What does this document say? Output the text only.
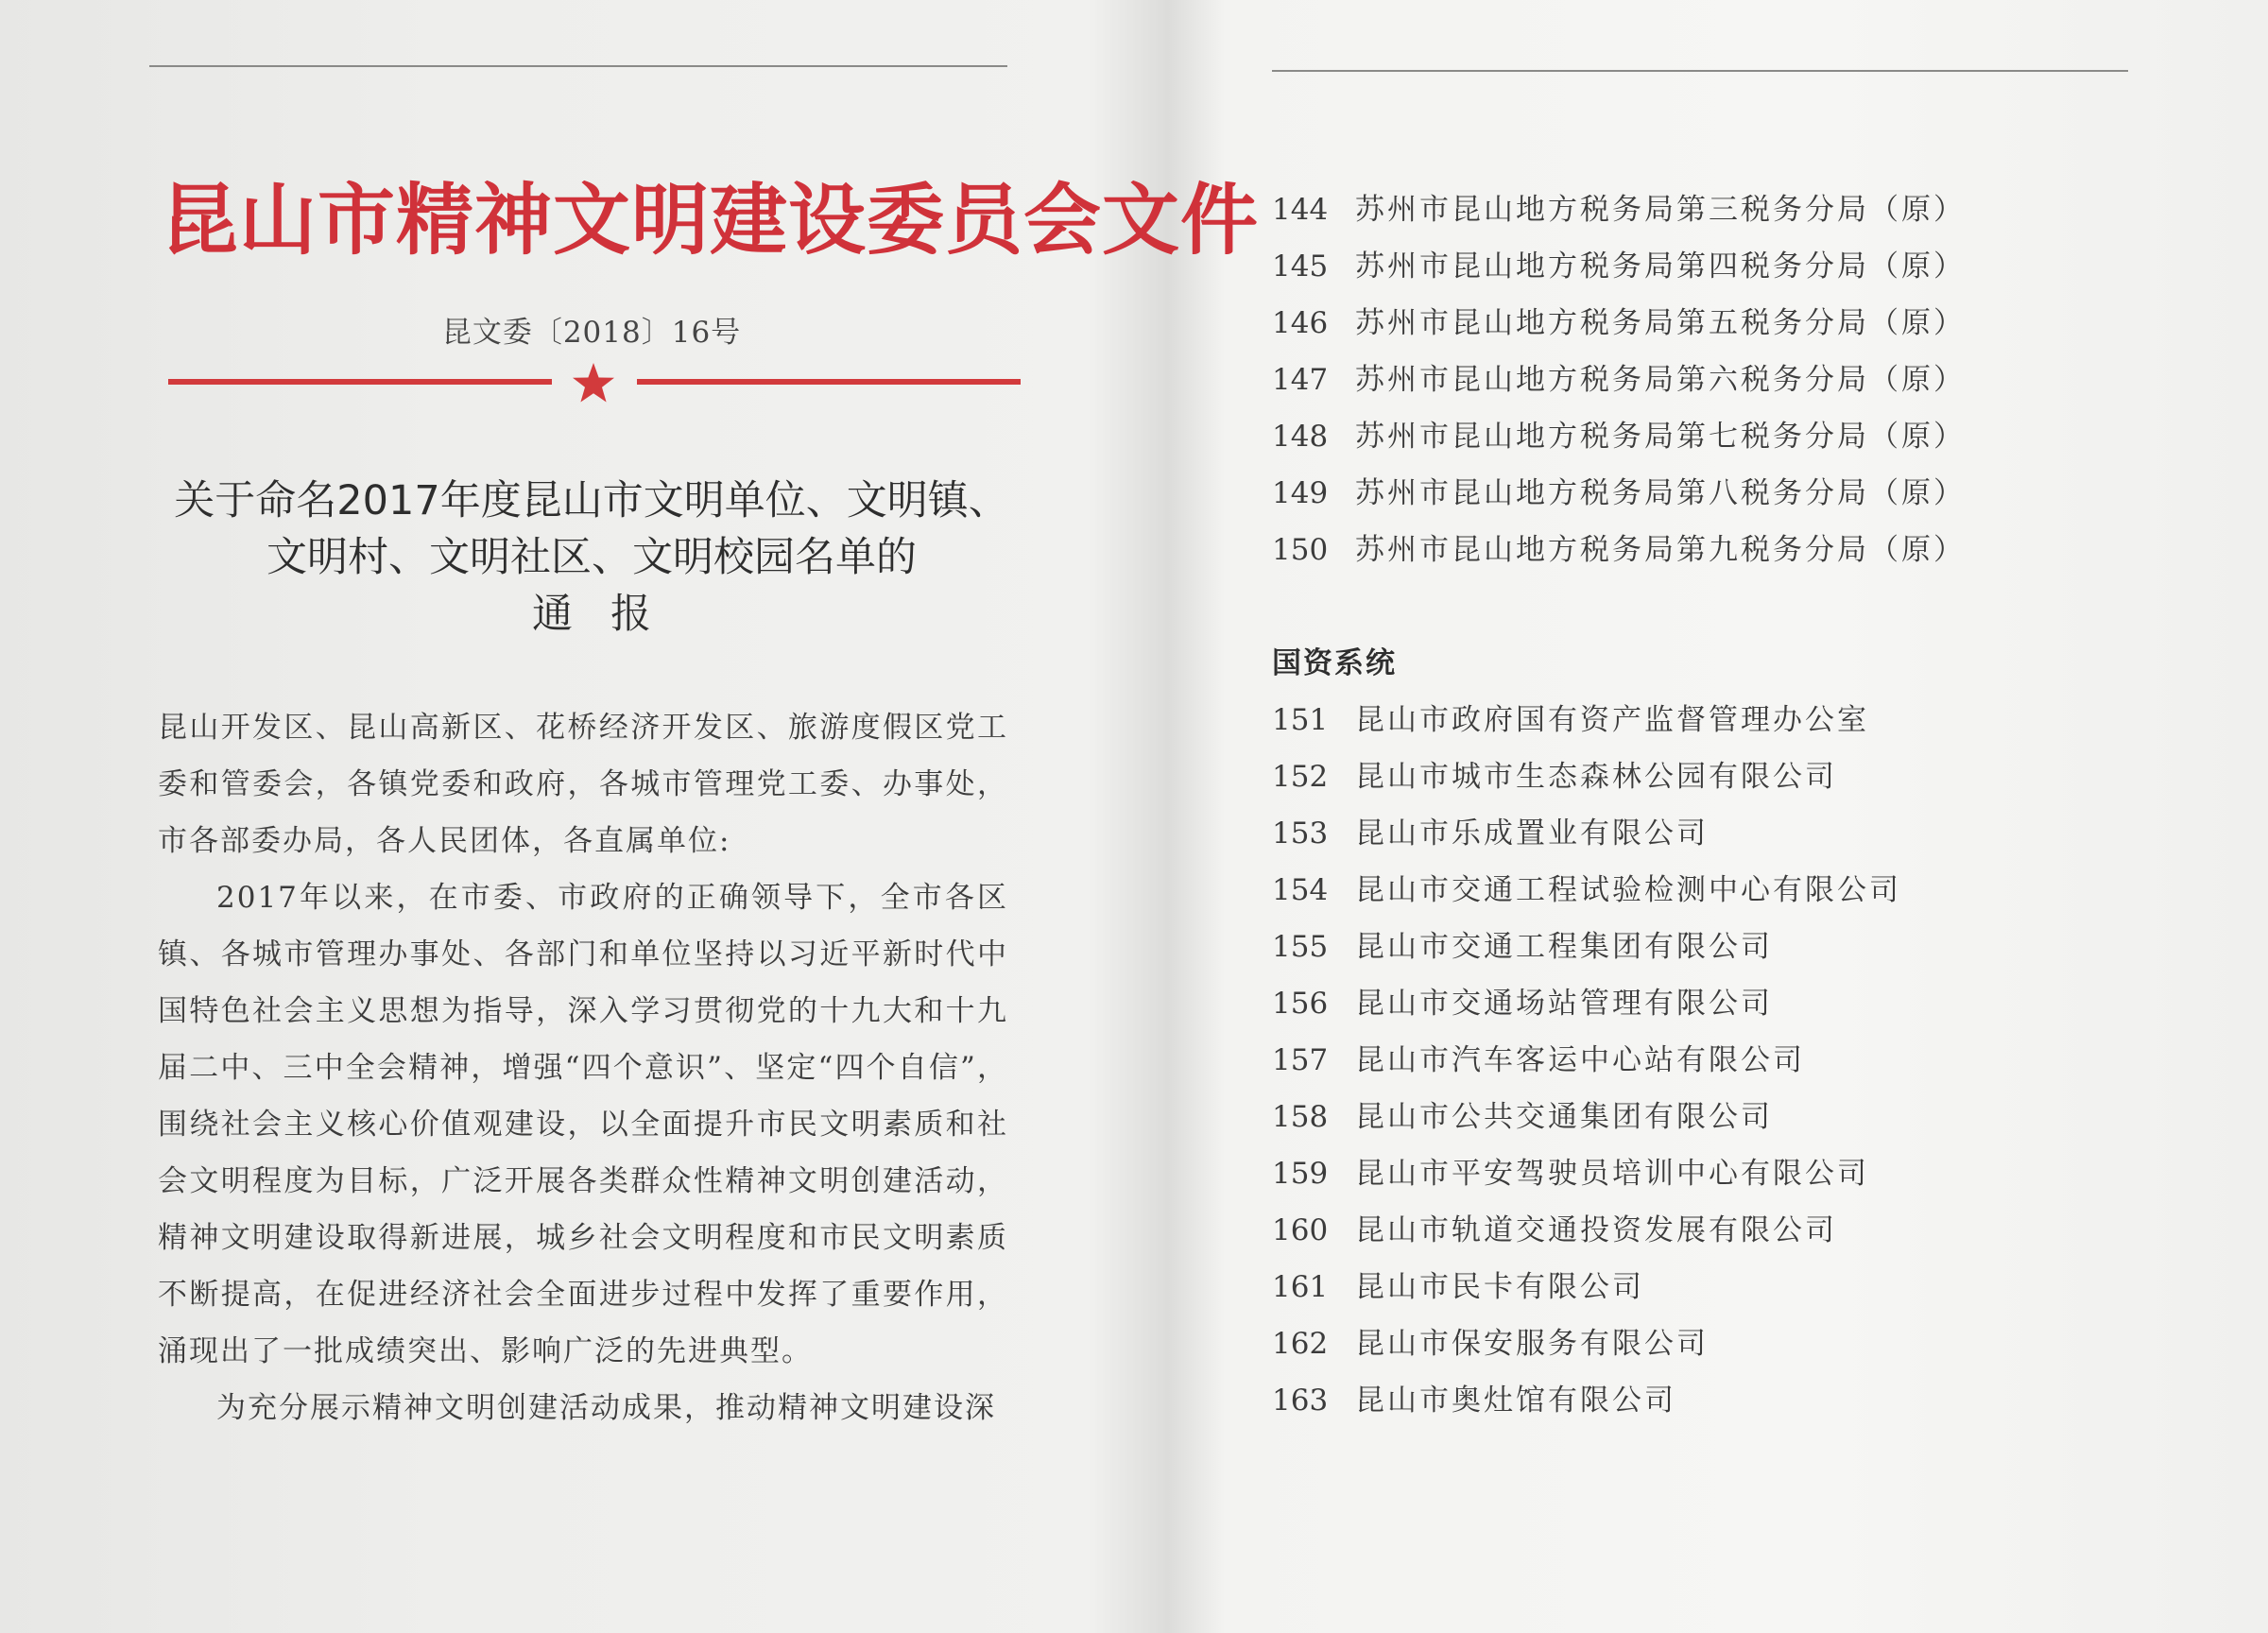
昆山市精神文明建设委员会文件
昆文委〔2018〕16号
关于命名2017年度昆山市文明单位、文明镇、
文明村、文明社区、文明校园名单的
通报
昆山开发区、昆山高新区、花桥经济开发区、旅游度假区党工委和管委会，各镇党委和政府，各城市管理党工委、办事处，市各部委办局，各人民团体，各直属单位:
2017年以来，在市委、市政府的正确领导下，全市各区镇、各城市管理办事处、各部门和单位坚持以习近平新时代中国特色社会主义思想为指导，深入学习贯彻党的十九大和十九届二中、三中全会精神，增强“四个意识”、坚定“四个自信”，围绕社会主义核心价值观建设，以全面提升市民文明素质和社会文明程度为目标，广泛开展各类群众性精神文明创建活动，精神文明建设取得新进展，城乡社会文明程度和市民文明素质不断提高，在促进经济社会全面进步过程中发挥了重要作用，涌现出了一批成绩突出、影响广泛的先进典型。
为充分展示精神文明创建活动成果，推动精神文明建设深
144 苏州市昆山地方税务局第三税务分局（原）
145 苏州市昆山地方税务局第四税务分局（原）
146 苏州市昆山地方税务局第五税务分局（原）
147 苏州市昆山地方税务局第六税务分局（原）
148 苏州市昆山地方税务局第七税务分局（原）
149 苏州市昆山地方税务局第八税务分局（原）
150 苏州市昆山地方税务局第九税务分局（原）
国资系统
151 昆山市政府国有资产监督管理办公室
152 昆山市城市生态森林公园有限公司
153 昆山市乐成置业有限公司
154 昆山市交通工程试验检测中心有限公司
155 昆山市交通工程集团有限公司
156 昆山市交通场站管理有限公司
157 昆山市汽车客运中心站有限公司
158 昆山市公共交通集团有限公司
159 昆山市平安驾驶员培训中心有限公司
160 昆山市轨道交通投资发展有限公司
161 昆山市民卡有限公司
162 昆山市保安服务有限公司
163 昆山市奥灶馆有限公司
